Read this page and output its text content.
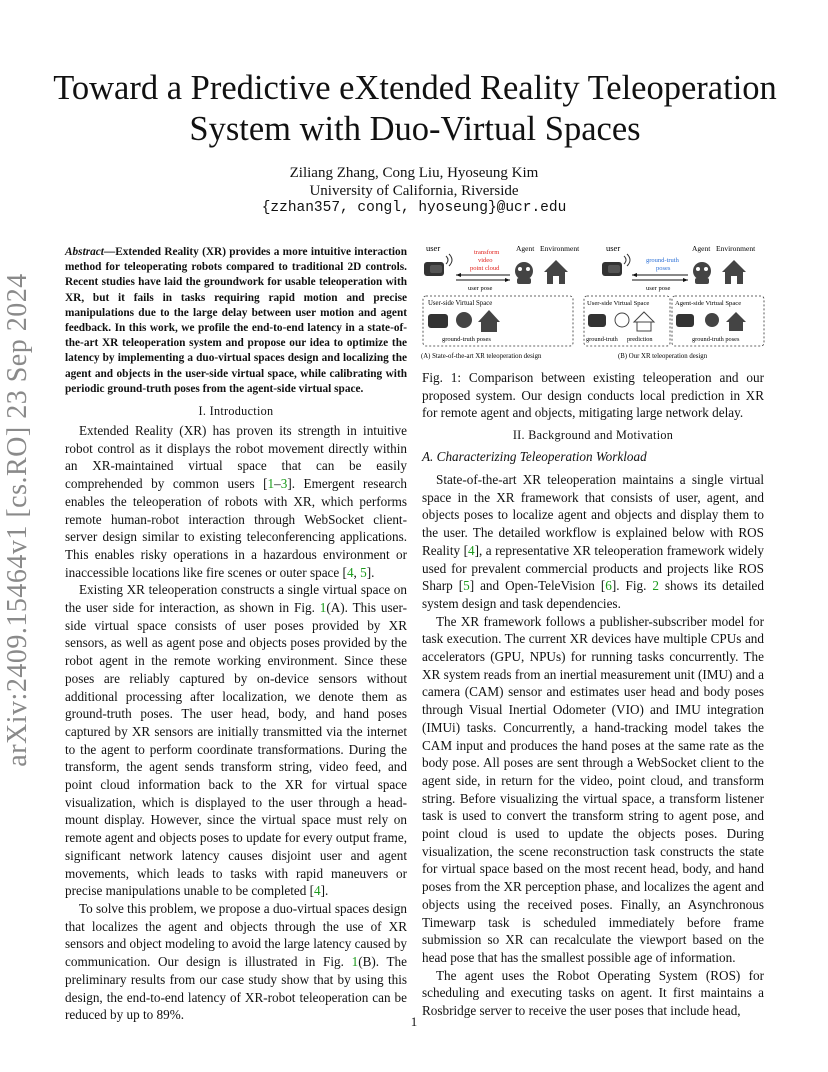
arXiv:2409.15464v1 [cs.RO] 23 Sep 2024
Toward a Predictive eXtended Reality Teleoperation System with Duo-Virtual Spaces
Ziliang Zhang, Cong Liu, Hyoseung Kim
University of California, Riverside
{zzhan357, congl, hyoseung}@ucr.edu
Abstract—Extended Reality (XR) provides a more intuitive interaction method for teleoperating robots compared to traditional 2D controls. Recent studies have laid the groundwork for usable teleoperation with XR, but it fails in tasks requiring rapid motion and precise manipulations due to the large delay between user motion and agent feedback. In this work, we profile the end-to-end latency in a state-of-the-art XR teleoperation system and propose our idea to optimize the latency by implementing a duo-virtual spaces design and localizing the agent and objects in the user-side virtual space, while calibrating with periodic ground-truth poses from the agent-side virtual space.
I. Introduction

Extended Reality (XR) has proven its strength in intuitive robot control as it displays the robot movement directly within an XR-maintained virtual space that can be easily comprehended by common users [1–3]. Emergent research enables the teleoperation of robots with XR, which performs remote human-robot interaction through WebSocket client-server design similar to existing teleconferencing applications. This enables risky operations in a hazardous environment or inaccessible locations like fire scenes or outer space [4, 5].

Existing XR teleoperation constructs a single virtual space on the user side for interaction, as shown in Fig. 1(A). This user-side virtual space consists of user poses provided by XR sensors, as well as agent pose and objects poses provided by the robot agent in the remote working environment. Since these poses are reliably captured by on-device sensors without additional processing after localization, we denote them as ground-truth poses. The user head, body, and hand poses captured by XR sensors are initially transmitted via the internet to the agent to perform coordinate transformations. During the transform, the agent sends transform string, video feed, and point cloud information back to the XR for virtual space visualization, which is displayed to the user through a head-mount display. However, since the virtual space must rely on remote agent and objects poses to update for every output frame, significant network latency causes disjoint user and agent movements, which leads to tasks with rapid maneuvers or precise manipulations unable to be completed [4].

To solve this problem, we propose a duo-virtual spaces design that localizes the agent and objects through the use of XR sensors and object modeling to avoid the large latency caused by communication. Our design is illustrated in Fig. 1(B). The preliminary results from our case study show that by using this design, the end-to-end latency of XR-robot teleoperation can be reduced by up to 89%.

user	transform
video
point cloud
Agent Environment
user pose
User-side Virtual Space
ground-truth poses
(A) State-of-the-art XR teleoperation design
user
ground-truth
poses
Agent Environment
user pose
User-side Virtual Space	Agent-side Virtual Space
ground-truth prediction	ground-truth poses
(B) Our XR teleoperation design
Fig. 1: Comparison between existing teleoperation and our proposed system. Our design conducts local prediction in XR for remote agent and objects, mitigating large network delay.
II. Background and Motivation
A. Characterizing Teleoperation Workload

State-of-the-art XR teleoperation maintains a single virtual space in the XR framework that consists of user, agent, and objects poses to localize agent and objects and display them to the user. The detailed workflow is explained below with ROS Reality [4], a representative XR teleoperation framework widely used for prevalent commercial products and projects like ROS Sharp [5] and Open-TeleVision [6]. Fig. 2 shows its detailed system design and task dependencies.

The XR framework follows a publisher-subscriber model for task execution. The current XR devices have multiple CPUs and accelerators (GPU, NPUs) for running tasks concurrently. The XR system reads from an inertial measurement unit (IMU) and a camera (CAM) sensor and estimates user head and body poses through Visual Inertial Odometer (VIO) and IMU integration (IMUi) tasks. Concurrently, a hand-tracking model takes the CAM input and produces the hand poses at the same rate as the body pose. All poses are sent through a WebSocket client to the agent side, in return for the video, point cloud, and transform string. Before visualizing the virtual space, a transform listener task is used to convert the transform string to agent pose, and point cloud is used to update the objects poses. During visualization, the scene reconstruction task constructs the state for virtual space based on the most recent head, body, and hand poses from the XR perception phase, and localizes the agent and objects using the received poses. Finally, an Asynchronous Timewarp task is scheduled immediately before frame submission so XR can recalculate the viewport based on the head pose that has the smallest possible age of information.

The agent uses the Robot Operating System (ROS) for scheduling and executing tasks on agent. It first maintains a Rosbridge server to receive the user poses that include head,

1
